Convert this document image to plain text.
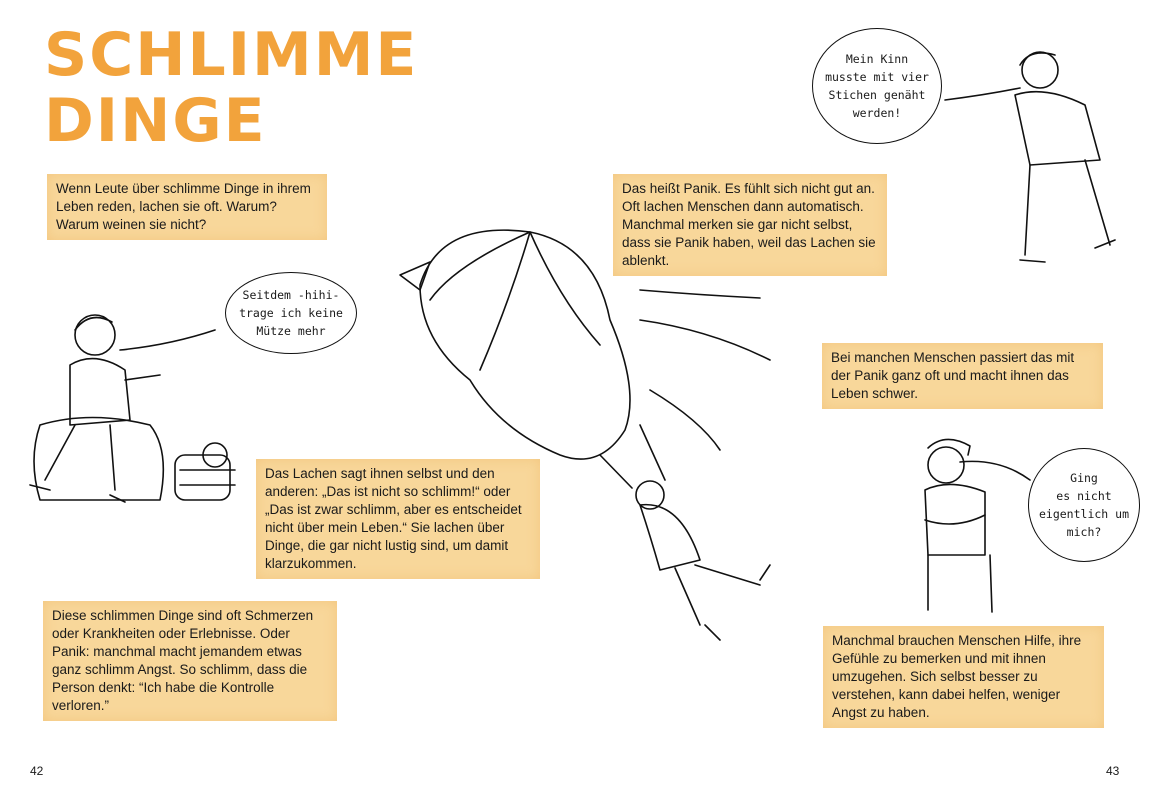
SCHLIMME
DINGE
Wenn Leute über schlimme Dinge in ihrem Leben reden, lachen sie oft. Warum? Warum weinen sie nicht?
Das Lachen sagt ihnen selbst und den anderen: „Das ist nicht so schlimm!“ oder „Das ist zwar schlimm, aber es entscheidet nicht über mein Leben.“ Sie lachen über Dinge, die gar nicht lustig sind, um damit klarzukommen.
Diese schlimmen Dinge sind oft Schmerzen oder Krankheiten oder Erlebnisse. Oder Panik: manchmal macht jemandem etwas ganz schlimm Angst. So schlimm, dass die Person denkt: “Ich habe die Kontrolle verloren.”
Das heißt Panik. Es fühlt sich nicht gut an. Oft lachen Menschen dann automatisch. Manchmal merken sie gar nicht selbst, dass sie Panik haben, weil das Lachen sie ablenkt.
Bei manchen Menschen passiert das mit der Panik ganz oft und macht ihnen das Leben schwer.
Manchmal brauchen Menschen Hilfe, ihre Gefühle zu bemerken und mit ihnen umzugehen. Sich selbst besser zu verstehen, kann dabei helfen, weniger Angst zu haben.
Seitdem -hihi-
trage ich keine
Mütze mehr
Mein Kinn
musste mit vier
Stichen genäht
werden!
Ging
es nicht
eigentlich um
mich?
42	43
